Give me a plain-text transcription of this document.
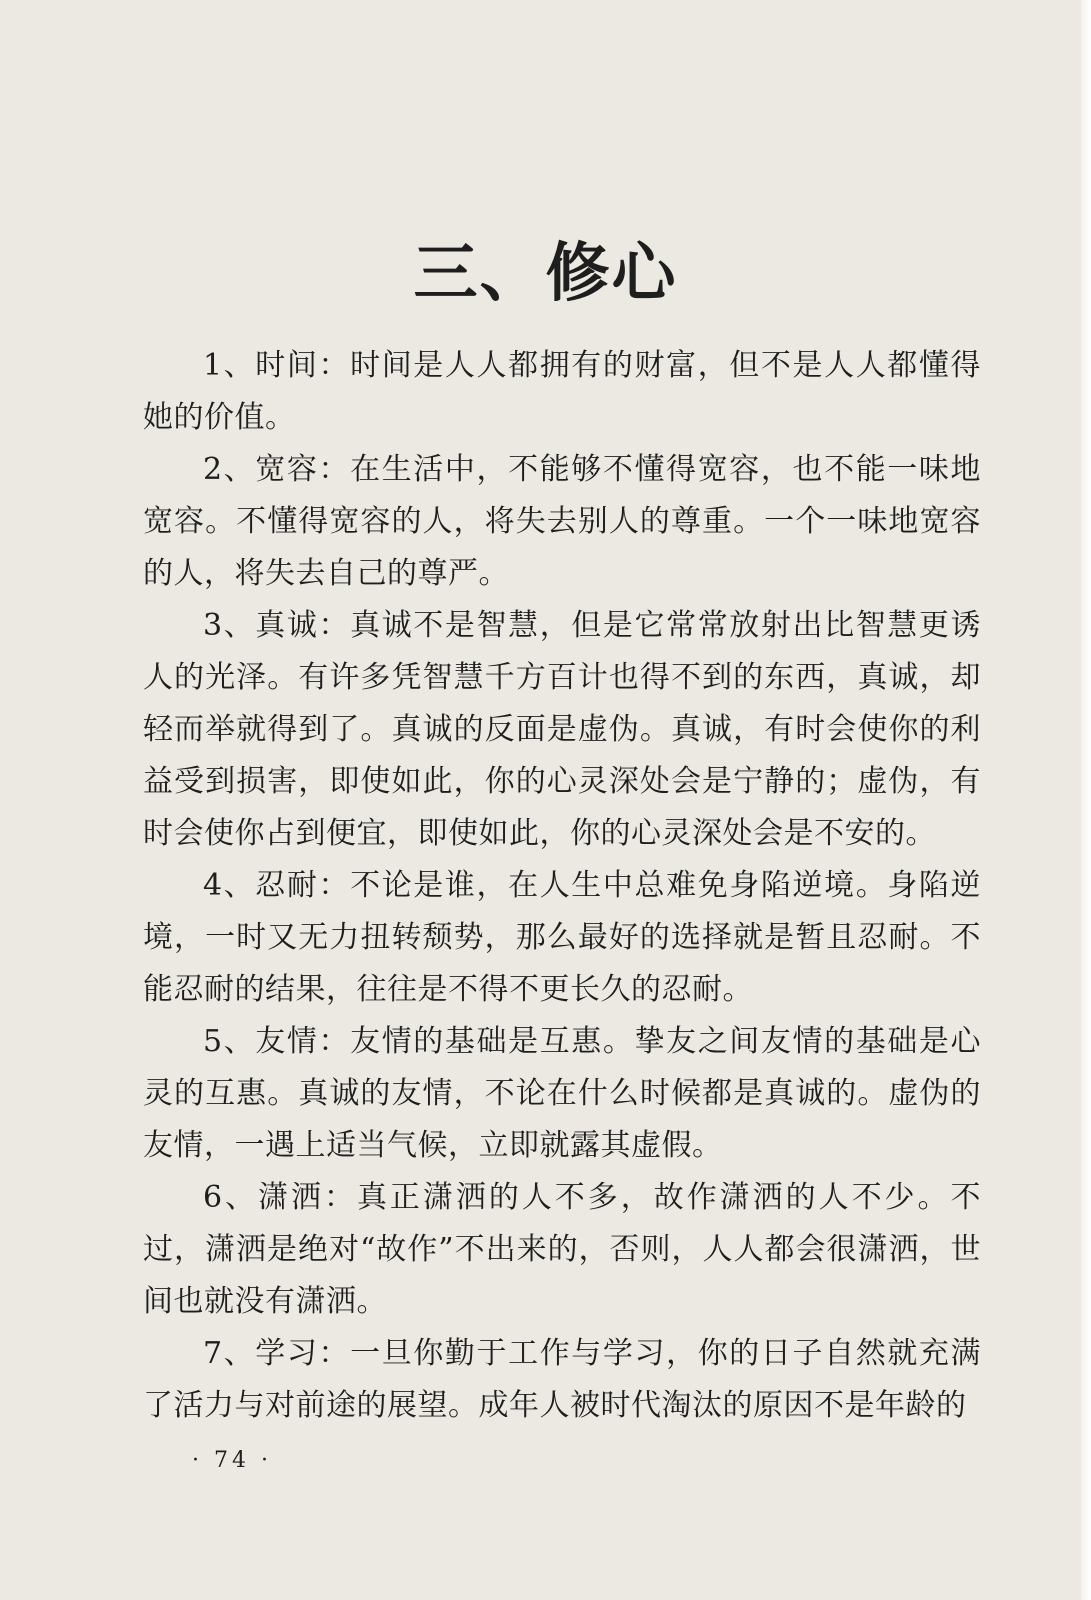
三、修心

1、时间：时间是人人都拥有的财富，但不是人人都懂得她的价值。

2、宽容：在生活中，不能够不懂得宽容，也不能一味地宽容。不懂得宽容的人，将失去别人的尊重。一个一味地宽容的人，将失去自己的尊严。

3、真诚：真诚不是智慧，但是它常常放射出比智慧更诱人的光泽。有许多凭智慧千方百计也得不到的东西，真诚，却轻而举就得到了。真诚的反面是虚伪。真诚，有时会使你的利益受到损害，即使如此，你的心灵深处会是宁静的；虚伪，有时会使你占到便宜，即使如此，你的心灵深处会是不安的。

4、忍耐：不论是谁，在人生中总难免身陷逆境。身陷逆境，一时又无力扭转颓势，那么最好的选择就是暂且忍耐。不能忍耐的结果，往往是不得不更长久的忍耐。

5、友情：友情的基础是互惠。挚友之间友情的基础是心灵的互惠。真诚的友情，不论在什么时候都是真诚的。虚伪的友情，一遇上适当气候，立即就露其虚假。

6、潇洒：真正潇洒的人不多，故作潇洒的人不少。不过，潇洒是绝对“故作”不出来的，否则，人人都会很潇洒，世间也就没有潇洒。

7、学习：一旦你勤于工作与学习，你的日子自然就充满了活力与对前途的展望。成年人被时代淘汰的原因不是年龄的

· 74 ·
